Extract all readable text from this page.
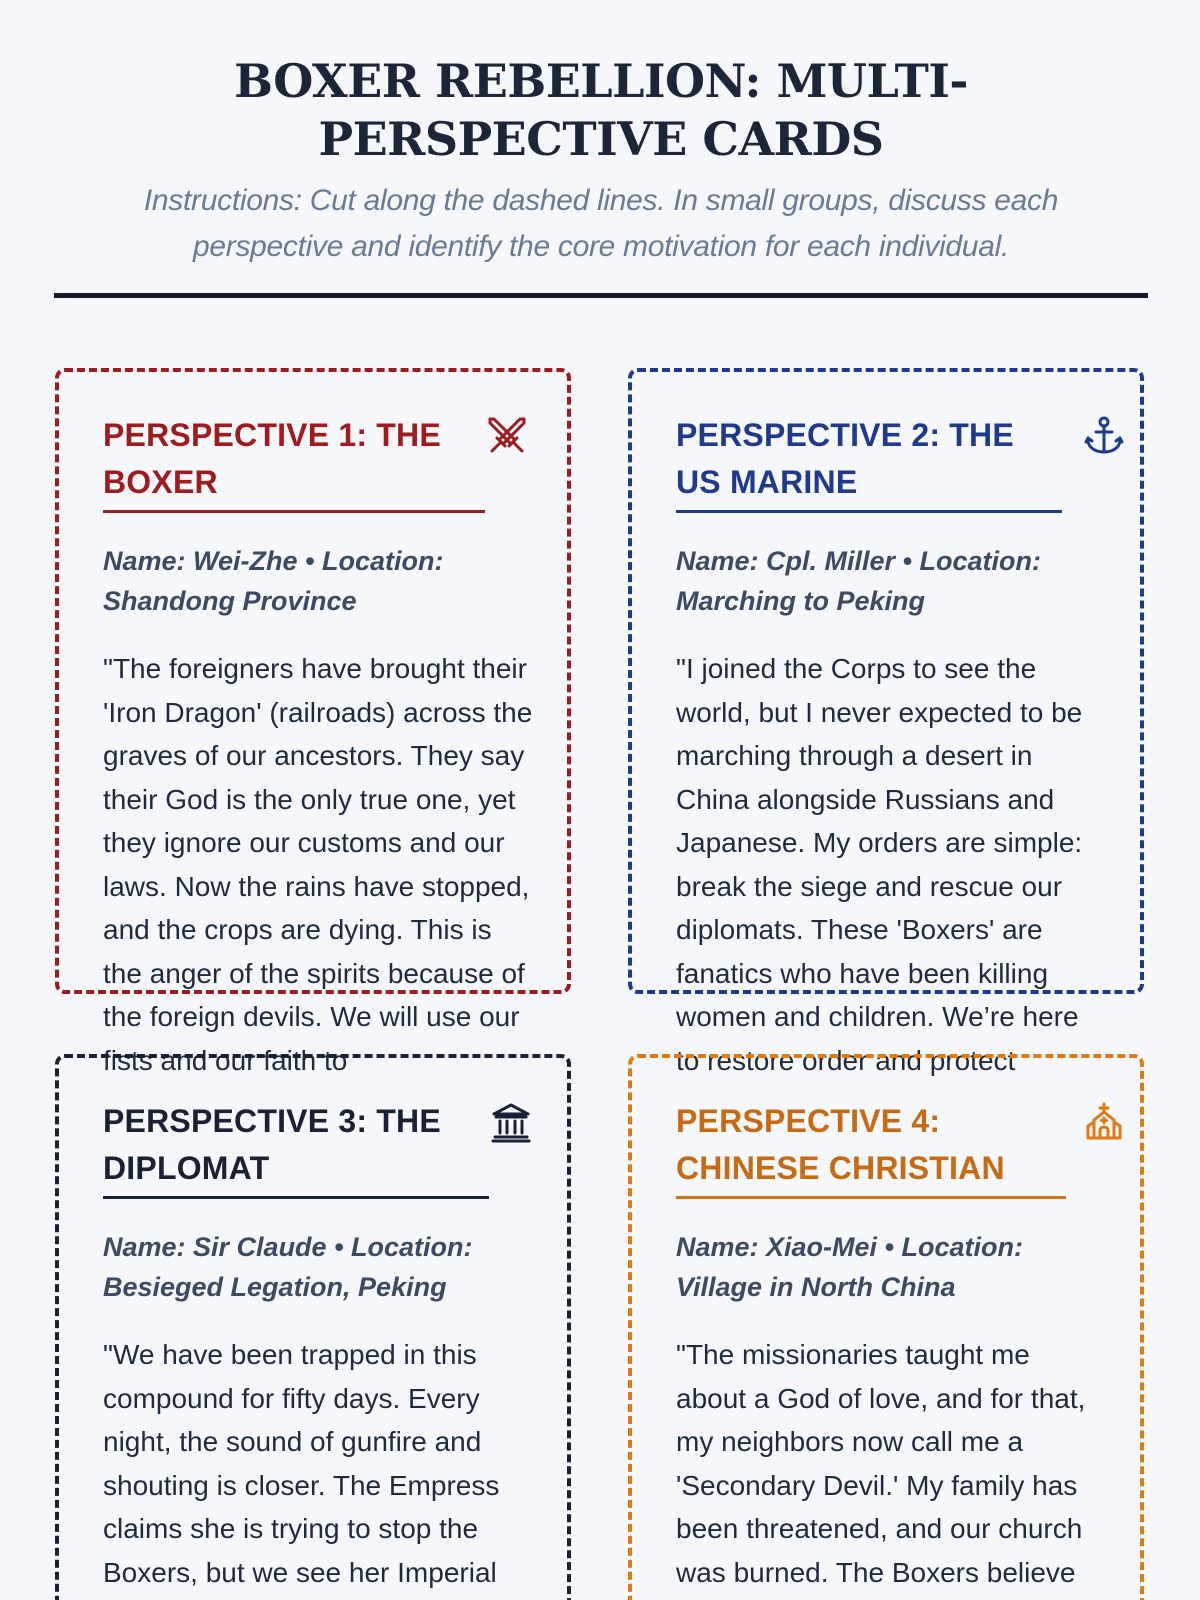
BOXER REBELLION: MULTI-PERSPECTIVE CARDS
Instructions: Cut along the dashed lines. In small groups, discuss each perspective and identify the core motivation for each individual.
PERSPECTIVE 1: THE BOXER
Name: Wei-Zhe • Location: Shandong Province
"The foreigners have brought their 'Iron Dragon' (railroads) across the graves of our ancestors. They say their God is the only true one, yet they ignore our customs and our laws. Now the rains have stopped, and the crops are dying. This is the anger of the spirits because of the foreign devils. We will use our fists and our faith to
PERSPECTIVE 2: THE US MARINE
Name: Cpl. Miller • Location: Marching to Peking
"I joined the Corps to see the world, but I never expected to be marching through a desert in China alongside Russians and Japanese. My orders are simple: break the siege and rescue our diplomats. These 'Boxers' are fanatics who have been killing women and children. We’re here to restore order and protect
PERSPECTIVE 3: THE DIPLOMAT
Name: Sir Claude • Location: Besieged Legation, Peking
"We have been trapped in this compound for fifty days. Every night, the sound of gunfire and shouting is closer. The Empress claims she is trying to stop the Boxers, but we see her Imperial
PERSPECTIVE 4: CHINESE CHRISTIAN
Name: Xiao-Mei • Location: Village in North China
"The missionaries taught me about a God of love, and for that, my neighbors now call me a 'Secondary Devil.' My family has been threatened, and our church was burned. The Boxers believe
